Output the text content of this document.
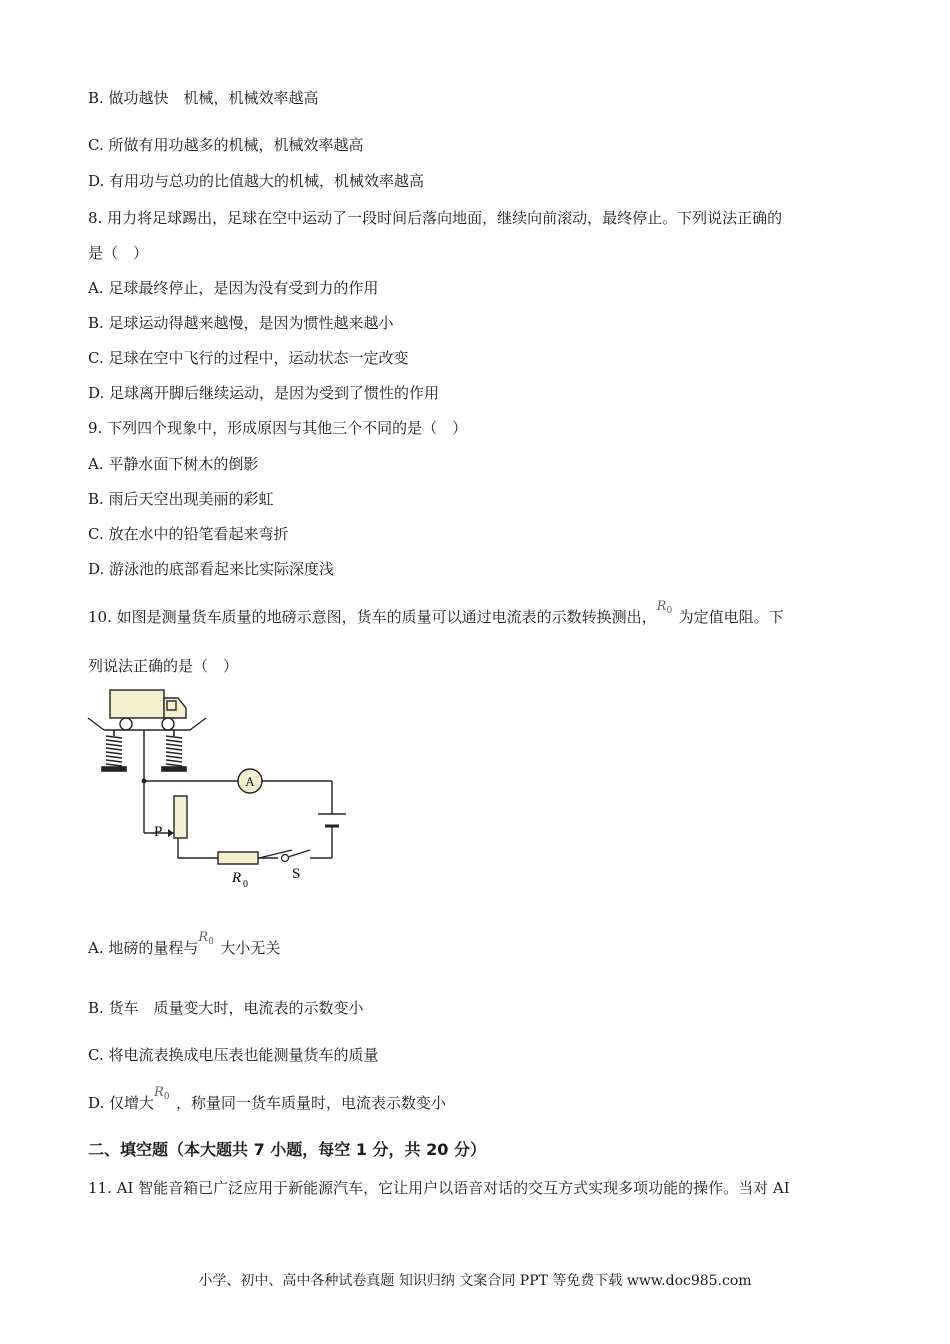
B. 做功越快　机械，机械效率越高
C. 所做有用功越多的机械，机械效率越高
D. 有用功与总功的比值越大的机械，机械效率越高
8. 用力将足球踢出，足球在空中运动了一段时间后落向地面，继续向前滚动，最终停止。下列说法正确的
是（　）
A. 足球最终停止，是因为没有受到力的作用
B. 足球运动得越来越慢，是因为惯性越来越小
C. 足球在空中飞行的过程中，运动状态一定改变
D. 足球离开脚后继续运动，是因为受到了惯性的作用
9. 下列四个现象中，形成原因与其他三个不同的是（　）
A. 平静水面下树木的倒影
B. 雨后天空出现美丽的彩虹
C. 放在水中的铅笔看起来弯折
D. 游泳池的底部看起来比实际深度浅
10. 如图是测量货车质量的地磅示意图，货车的质量可以通过电流表的示数转换测出，$R_0$ 为定值电阻。下
列说法正确的是（　）
A
P
R 0
S
A. 地磅的量程与$R_0$ 大小无关
B. 货车　质量变大时，电流表的示数变小
C. 将电流表换成电压表也能测量货车的质量
D. 仅增大$R_0$ ，称量同一货车质量时，电流表示数变小
二、填空题（本大题共 7 小题，每空 1 分，共 20 分）
11. AI 智能音箱已广泛应用于新能源汽车，它让用户以语音对话的交互方式实现多项功能的操作。当对 AI
小学、初中、高中各种试卷真题 知识归纳 文案合同 PPT 等免费下载 www.doc985.com
